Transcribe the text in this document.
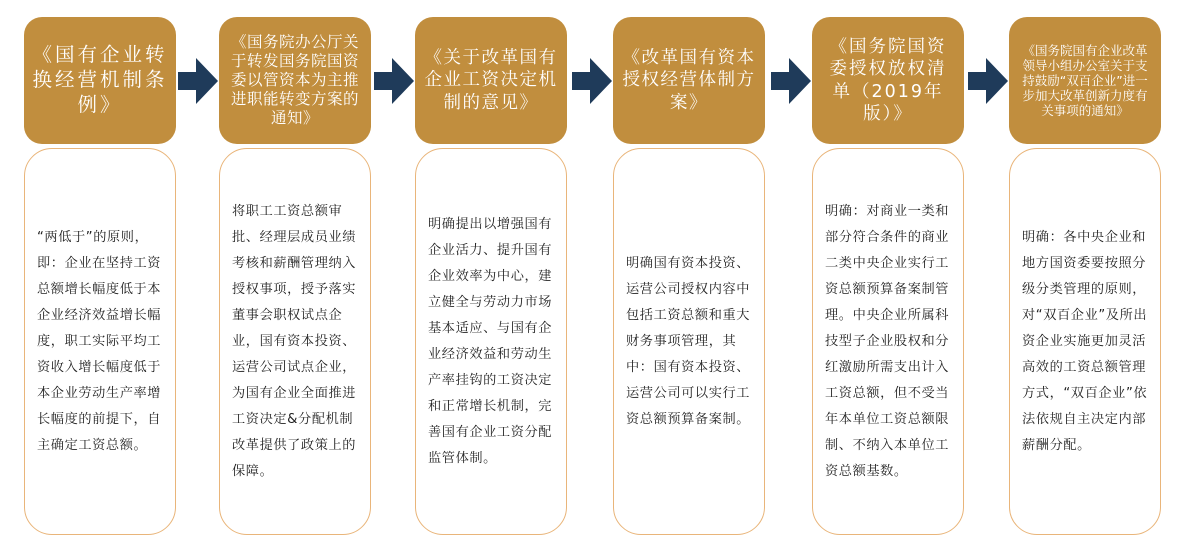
《国有企业转换经营机制条例》
“两低于”的原则，即：企业在坚持工资总额增长幅度低于本企业经济效益增长幅度，职工实际平均工资收入增长幅度低于本企业劳动生产率增长幅度的前提下，自主确定工资总额。
《国务院办公厅关于转发国务院国资委以管资本为主推进职能转变方案的通知》
将职工工资总额审批、经理层成员业绩考核和薪酬管理纳入授权事项，授予落实董事会职权试点企业，国有资本投资、运营公司试点企业，为国有企业全面推进工资决定&分配机制改革提供了政策上的保障。
《关于改革国有企业工资决定机制的意见》
明确提出以增强国有企业活力、提升国有企业效率为中心，建立健全与劳动力市场基本适应、与国有企业经济效益和劳动生产率挂钩的工资决定和正常增长机制，完善国有企业工资分配监管体制。
《改革国有资本授权经营体制方案》
明确国有资本投资、运营公司授权内容中包括工资总额和重大财务事项管理，其中：国有资本投资、运营公司可以实行工资总额预算备案制。
《国务院国资委授权放权清单（2019年版）》
明确：对商业一类和部分符合条件的商业二类中央企业实行工资总额预算备案制管理。中央企业所属科技型子企业股权和分红激励所需支出计入工资总额，但不受当年本单位工资总额限制、不纳入本单位工资总额基数。
《国务院国有企业改革领导小组办公室关于支持鼓励“双百企业”进一步加大改革创新力度有关事项的通知》
明确：各中央企业和地方国资委要按照分级分类管理的原则，对“双百企业”及所出资企业实施更加灵活高效的工资总额管理方式，“双百企业”依法依规自主决定内部薪酬分配。
